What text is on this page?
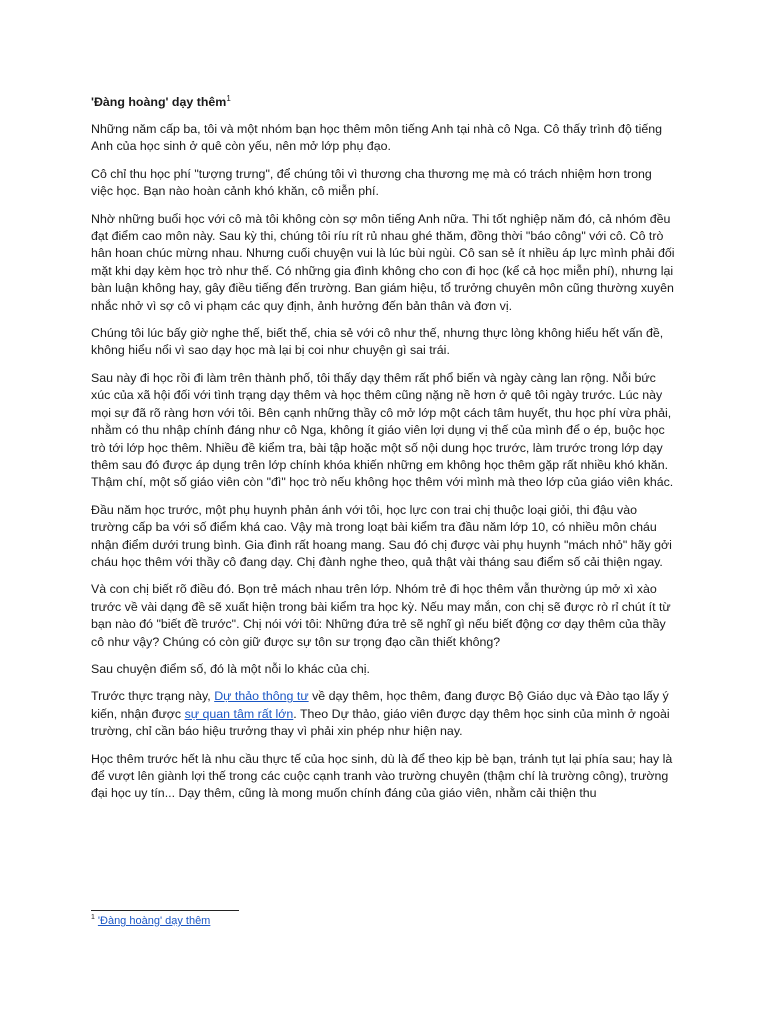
'Đàng hoàng' dạy thêm$^1$

Những năm cấp ba, tôi và một nhóm bạn học thêm môn tiếng Anh tại nhà cô Nga. Cô thấy trình độ tiếng Anh của học sinh ở quê còn yếu, nên mở lớp phụ đạo.

Cô chỉ thu học phí "tượng trưng", để chúng tôi vì thương cha thương mẹ mà có trách nhiệm hơn trong việc học. Bạn nào hoàn cảnh khó khăn, cô miễn phí.

Nhờ những buổi học với cô mà tôi không còn sợ môn tiếng Anh nữa. Thi tốt nghiệp năm đó, cả nhóm đều đạt điểm cao môn này. Sau kỳ thi, chúng tôi ríu rít rủ nhau ghé thăm, đồng thời "báo công" với cô. Cô trò hân hoan chúc mừng nhau. Nhưng cuối chuyện vui là lúc bùi ngùi. Cô san sẻ ít nhiều áp lực mình phải đối mặt khi dạy kèm học trò như thế. Có những gia đình không cho con đi học (kể cả học miễn phí), nhưng lại bàn luận không hay, gây điều tiếng đến trường. Ban giám hiệu, tổ trưởng chuyên môn cũng thường xuyên nhắc nhở vì sợ cô vi phạm các quy định, ảnh hưởng đến bản thân và đơn vị.

Chúng tôi lúc bấy giờ nghe thế, biết thế, chia sẻ với cô như thế, nhưng thực lòng không hiểu hết vấn đề, không hiểu nổi vì sao dạy học mà lại bị coi như chuyện gì sai trái.

Sau này đi học rồi đi làm trên thành phố, tôi thấy dạy thêm rất phổ biến và ngày càng lan rộng. Nỗi bức xúc của xã hội đối với tình trạng dạy thêm và học thêm cũng nặng nề hơn ở quê tôi ngày trước. Lúc này mọi sự đã rõ ràng hơn với tôi. Bên cạnh những thầy cô mở lớp một cách tâm huyết, thu học phí vừa phải, nhằm có thu nhập chính đáng như cô Nga, không ít giáo viên lợi dụng vị thế của mình để o ép, buộc học trò tới lớp học thêm. Nhiều đề kiểm tra, bài tập hoặc một số nội dung học trước, làm trước trong lớp dạy thêm sau đó được áp dụng trên lớp chính khóa khiến những em không học thêm gặp rất nhiều khó khăn. Thậm chí, một số giáo viên còn "đì" học trò nếu không học thêm với mình mà theo lớp của giáo viên khác.

Đầu năm học trước, một phụ huynh phản ánh với tôi, học lực con trai chị thuộc loại giỏi, thi đậu vào trường cấp ba với số điểm khá cao. Vậy mà trong loạt bài kiểm tra đầu năm lớp 10, có nhiều môn cháu nhận điểm dưới trung bình. Gia đình rất hoang mang. Sau đó chị được vài phụ huynh "mách nhỏ" hãy gởi cháu học thêm với thầy cô đang dạy. Chị đành nghe theo, quả thật vài tháng sau điểm số cải thiện ngay.

Và con chị biết rõ điều đó. Bọn trẻ mách nhau trên lớp. Nhóm trẻ đi học thêm vẫn thường úp mở xì xào trước về vài dạng đề sẽ xuất hiện trong bài kiểm tra học kỳ. Nếu may mắn, con chị sẽ được rò rỉ chút ít từ bạn nào đó "biết đề trước". Chị nói với tôi: Những đứa trẻ sẽ nghĩ gì nếu biết động cơ dạy thêm của thầy cô như vậy? Chúng có còn giữ được sự tôn sư trọng đạo cần thiết không?

Sau chuyện điểm số, đó là một nỗi lo khác của chị.

Trước thực trạng này, Dự thảo thông tư về dạy thêm, học thêm, đang được Bộ Giáo dục và Đào tạo lấy ý kiến, nhận được sự quan tâm rất lớn. Theo Dự thảo, giáo viên được dạy thêm học sinh của mình ở ngoài trường, chỉ cần báo hiệu trưởng thay vì phải xin phép như hiện nay.

Học thêm trước hết là nhu cầu thực tế của học sinh, dù là để theo kịp bè bạn, tránh tụt lại phía sau; hay là để vượt lên giành lợi thế trong các cuộc cạnh tranh vào trường chuyên (thậm chí là trường công), trường đại học uy tín... Dạy thêm, cũng là mong muốn chính đáng của giáo viên, nhằm cải thiện thu

$^1$ 'Đàng hoàng' dạy thêm
